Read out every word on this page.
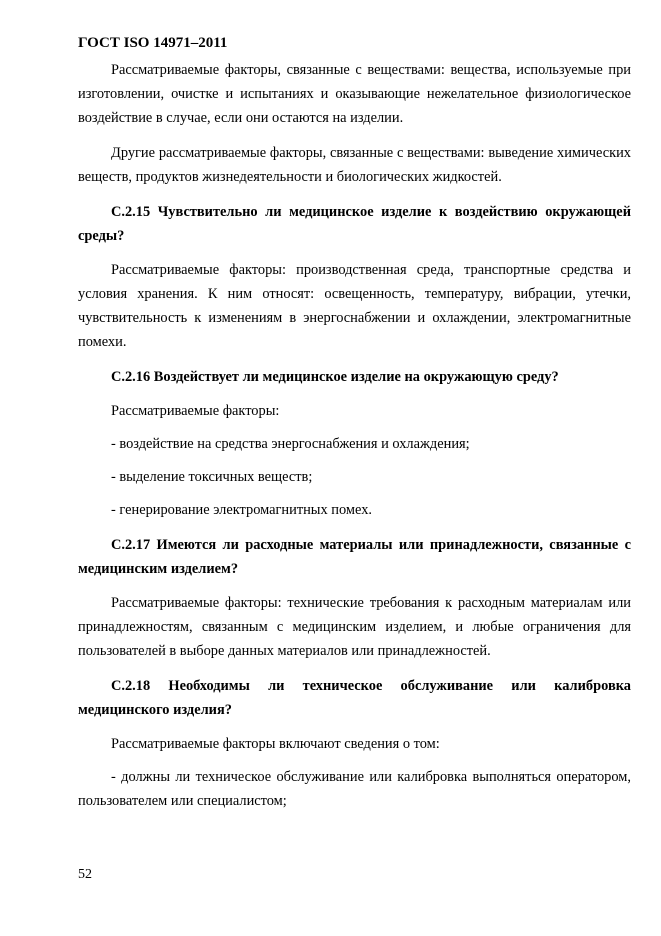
ГОСТ ISO 14971–2011

Рассматриваемые факторы, связанные с веществами: вещества, используемые при изготовлении, очистке и испытаниях и оказывающие нежелательное физиологическое воздействие в случае, если они остаются на изделии.

Другие рассматриваемые факторы, связанные с веществами: выведение химических веществ, продуктов жизнедеятельности и биологических жидкостей.

С.2.15 Чувствительно ли медицинское изделие к воздействию окружающей среды?

Рассматриваемые факторы: производственная среда, транспортные средства и условия хранения. К ним относят: освещенность, температуру, вибрации, утечки, чувствительность к изменениям в энергоснабжении и охлаждении, электромагнитные помехи.

С.2.16 Воздействует ли медицинское изделие на окружающую среду?

Рассматриваемые факторы:

- воздействие на средства энергоснабжения и охлаждения;

- выделение токсичных веществ;

- генерирование электромагнитных помех.

С.2.17 Имеются ли расходные материалы или принадлежности, связанные с медицинским изделием?

Рассматриваемые факторы: технические требования к расходным материалам или принадлежностям, связанным с медицинским изделием, и любые ограничения для пользователей в выборе данных материалов или принадлежностей.

С.2.18 Необходимы ли техническое обслуживание или калибровка медицинского изделия?

Рассматриваемые факторы включают сведения о том:

- должны ли техническое обслуживание или калибровка выполняться оператором, пользователем или специалистом;

52
